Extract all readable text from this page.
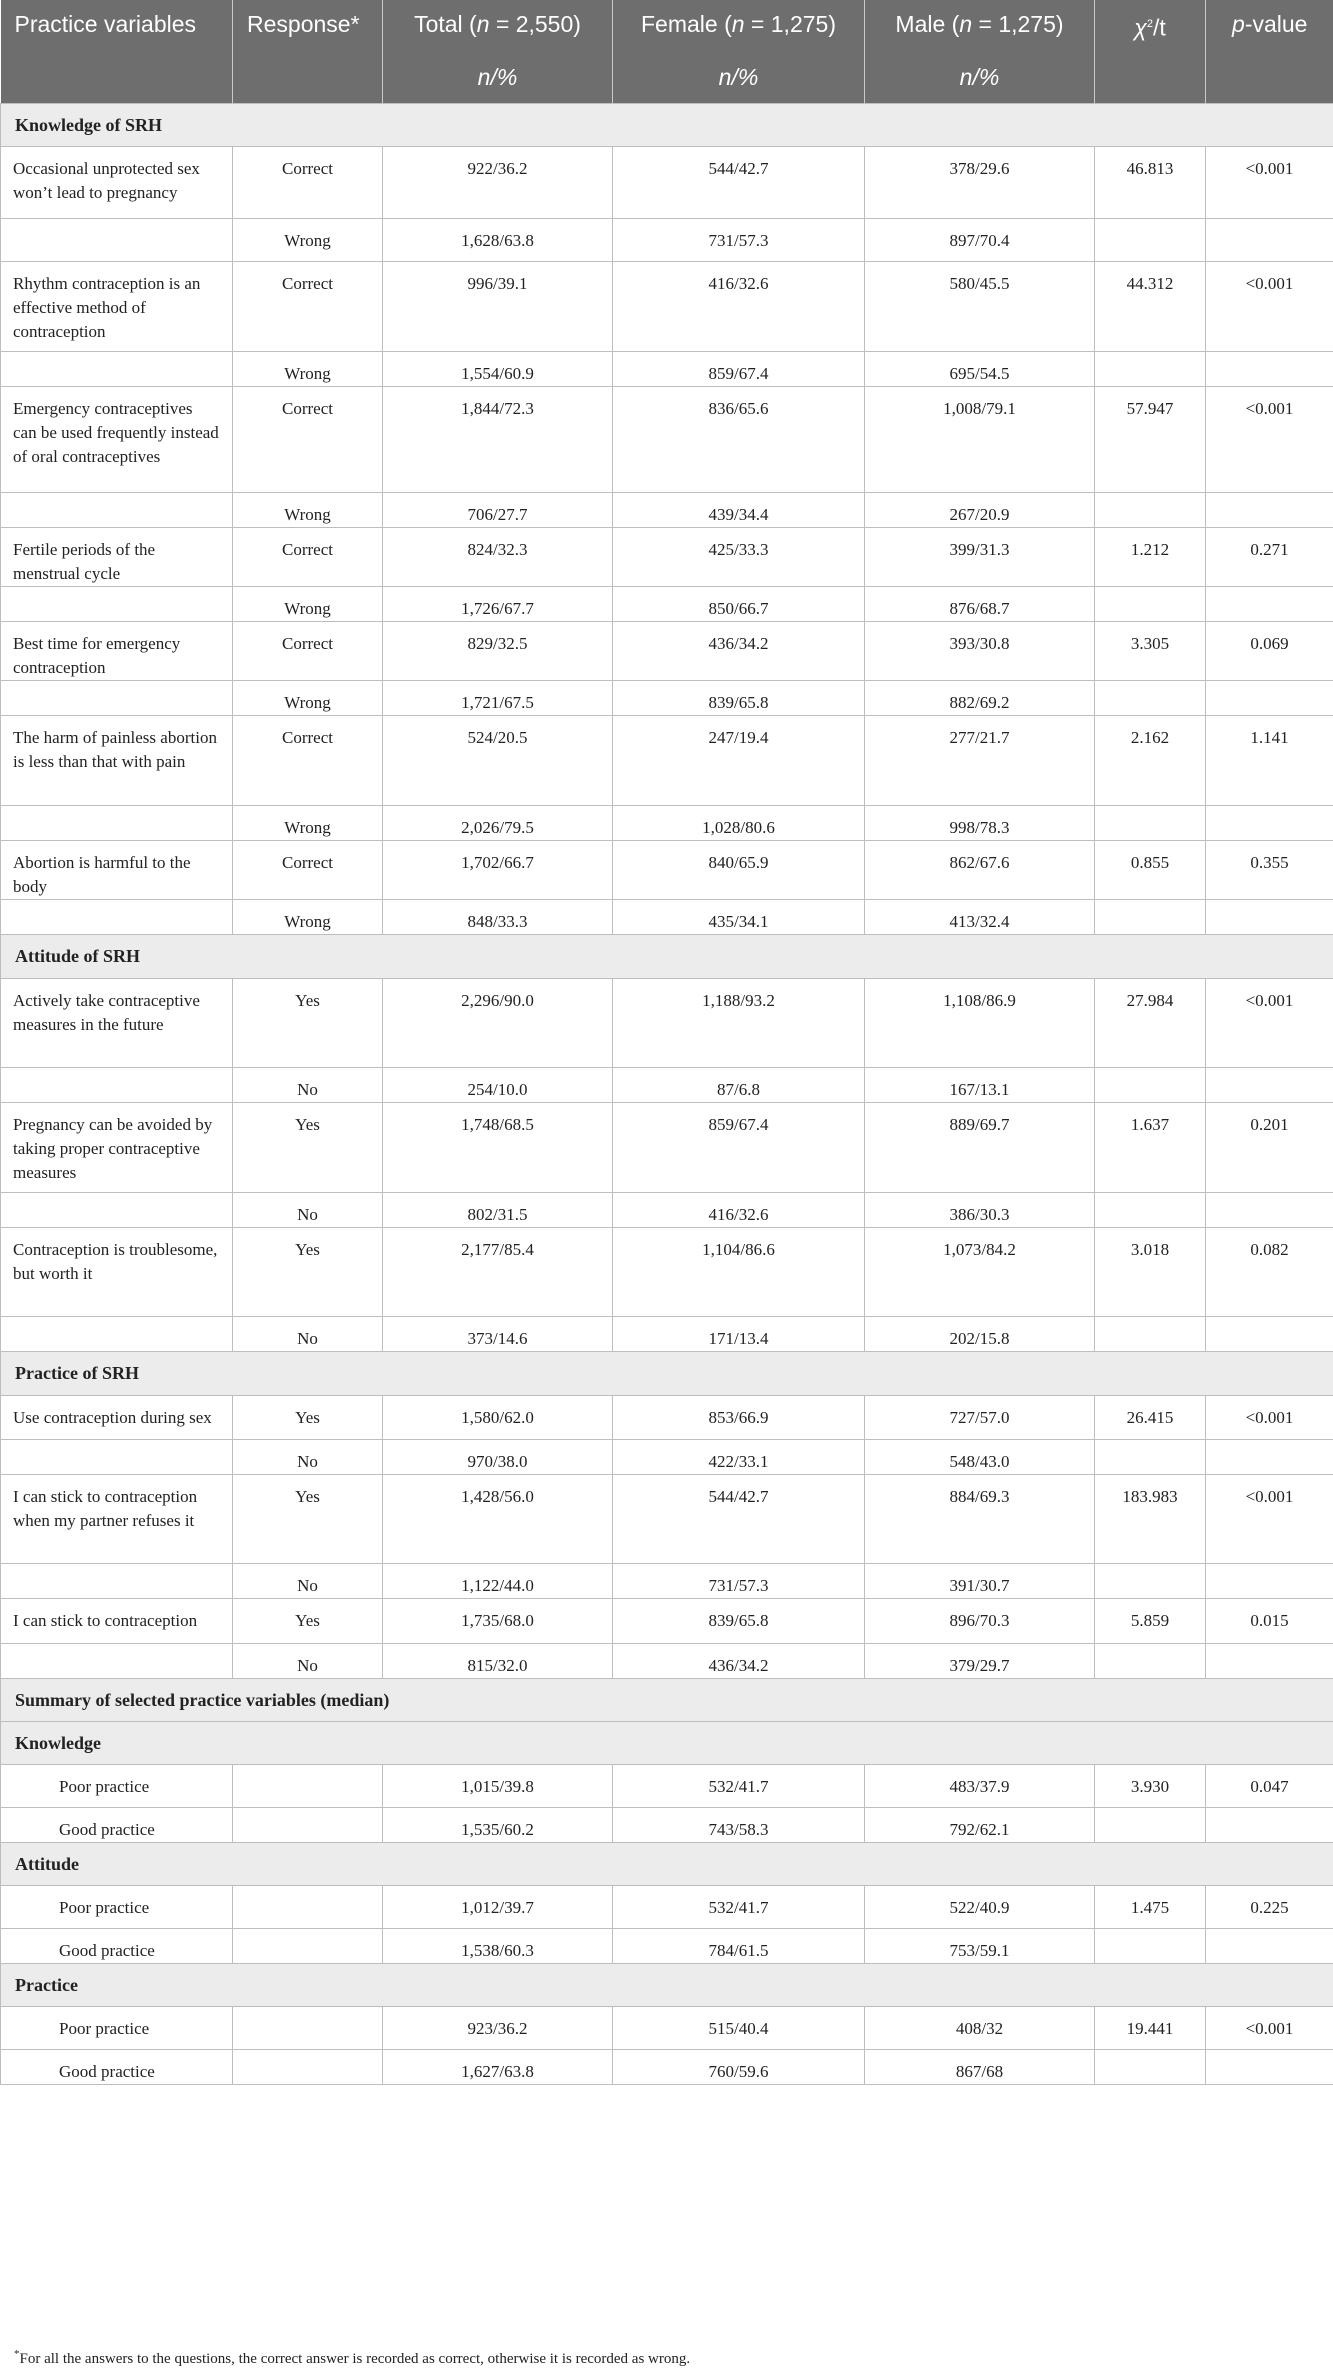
Practice variables	Response*	Total (n = 2,550)	Female (n = 1,275)	Male (n = 1,275)	$\chi^2/t$	p-value
		n/%	n/%	n/%		
Knowledge of SRH						
Occasional unprotected sex won’t lead to pregnancy	Correct	922/36.2	544/42.7	378/29.6	46.813	<0.001
	Wrong	1,628/63.8	731/57.3	897/70.4		
Rhythm contraception is an effective method of contraception	Correct	996/39.1	416/32.6	580/45.5	44.312	<0.001
	Wrong	1,554/60.9	859/67.4	695/54.5		
Emergency contraceptives can be used frequently instead of oral contraceptives	Correct	1,844/72.3	836/65.6	1,008/79.1	57.947	<0.001
	Wrong	706/27.7	439/34.4	267/20.9		
Fertile periods of the menstrual cycle	Correct	824/32.3	425/33.3	399/31.3	1.212	0.271
	Wrong	1,726/67.7	850/66.7	876/68.7		
Best time for emergency contraception	Correct	829/32.5	436/34.2	393/30.8	3.305	0.069
	Wrong	1,721/67.5	839/65.8	882/69.2		
The harm of painless abortion is less than that with pain	Correct	524/20.5	247/19.4	277/21.7	2.162	1.141
	Wrong	2,026/79.5	1,028/80.6	998/78.3		
Abortion is harmful to the body	Correct	1,702/66.7	840/65.9	862/67.6	0.855	0.355
	Wrong	848/33.3	435/34.1	413/32.4		
Attitude of SRH						
Actively take contraceptive measures in the future	Yes	2,296/90.0	1,188/93.2	1,108/86.9	27.984	<0.001
	No	254/10.0	87/6.8	167/13.1		
Pregnancy can be avoided by taking proper contraceptive measures	Yes	1,748/68.5	859/67.4	889/69.7	1.637	0.201
	No	802/31.5	416/32.6	386/30.3		
Contraception is troublesome, but worth it	Yes	2,177/85.4	1,104/86.6	1,073/84.2	3.018	0.082
	No	373/14.6	171/13.4	202/15.8		
Practice of SRH						
Use contraception during sex	Yes	1,580/62.0	853/66.9	727/57.0	26.415	<0.001
	No	970/38.0	422/33.1	548/43.0		
I can stick to contraception when my partner refuses it	Yes	1,428/56.0	544/42.7	884/69.3	183.983	<0.001
	No	1,122/44.0	731/57.3	391/30.7		
I can stick to contraception	Yes	1,735/68.0	839/65.8	896/70.3	5.859	0.015
	No	815/32.0	436/34.2	379/29.7		
Summary of selected practice variables (median)						
Knowledge						
Poor practice		1,015/39.8	532/41.7	483/37.9	3.930	0.047
Good practice		1,535/60.2	743/58.3	792/62.1		
Attitude						
Poor practice		1,012/39.7	532/41.7	522/40.9	1.475	0.225
Good practice		1,538/60.3	784/61.5	753/59.1		
Practice						
Poor practice		923/36.2	515/40.4	408/32	19.441	<0.001
Good practice		1,627/63.8	760/59.6	867/68		
*For all the answers to the questions, the correct answer is recorded as correct, otherwise it is recorded as wrong.
